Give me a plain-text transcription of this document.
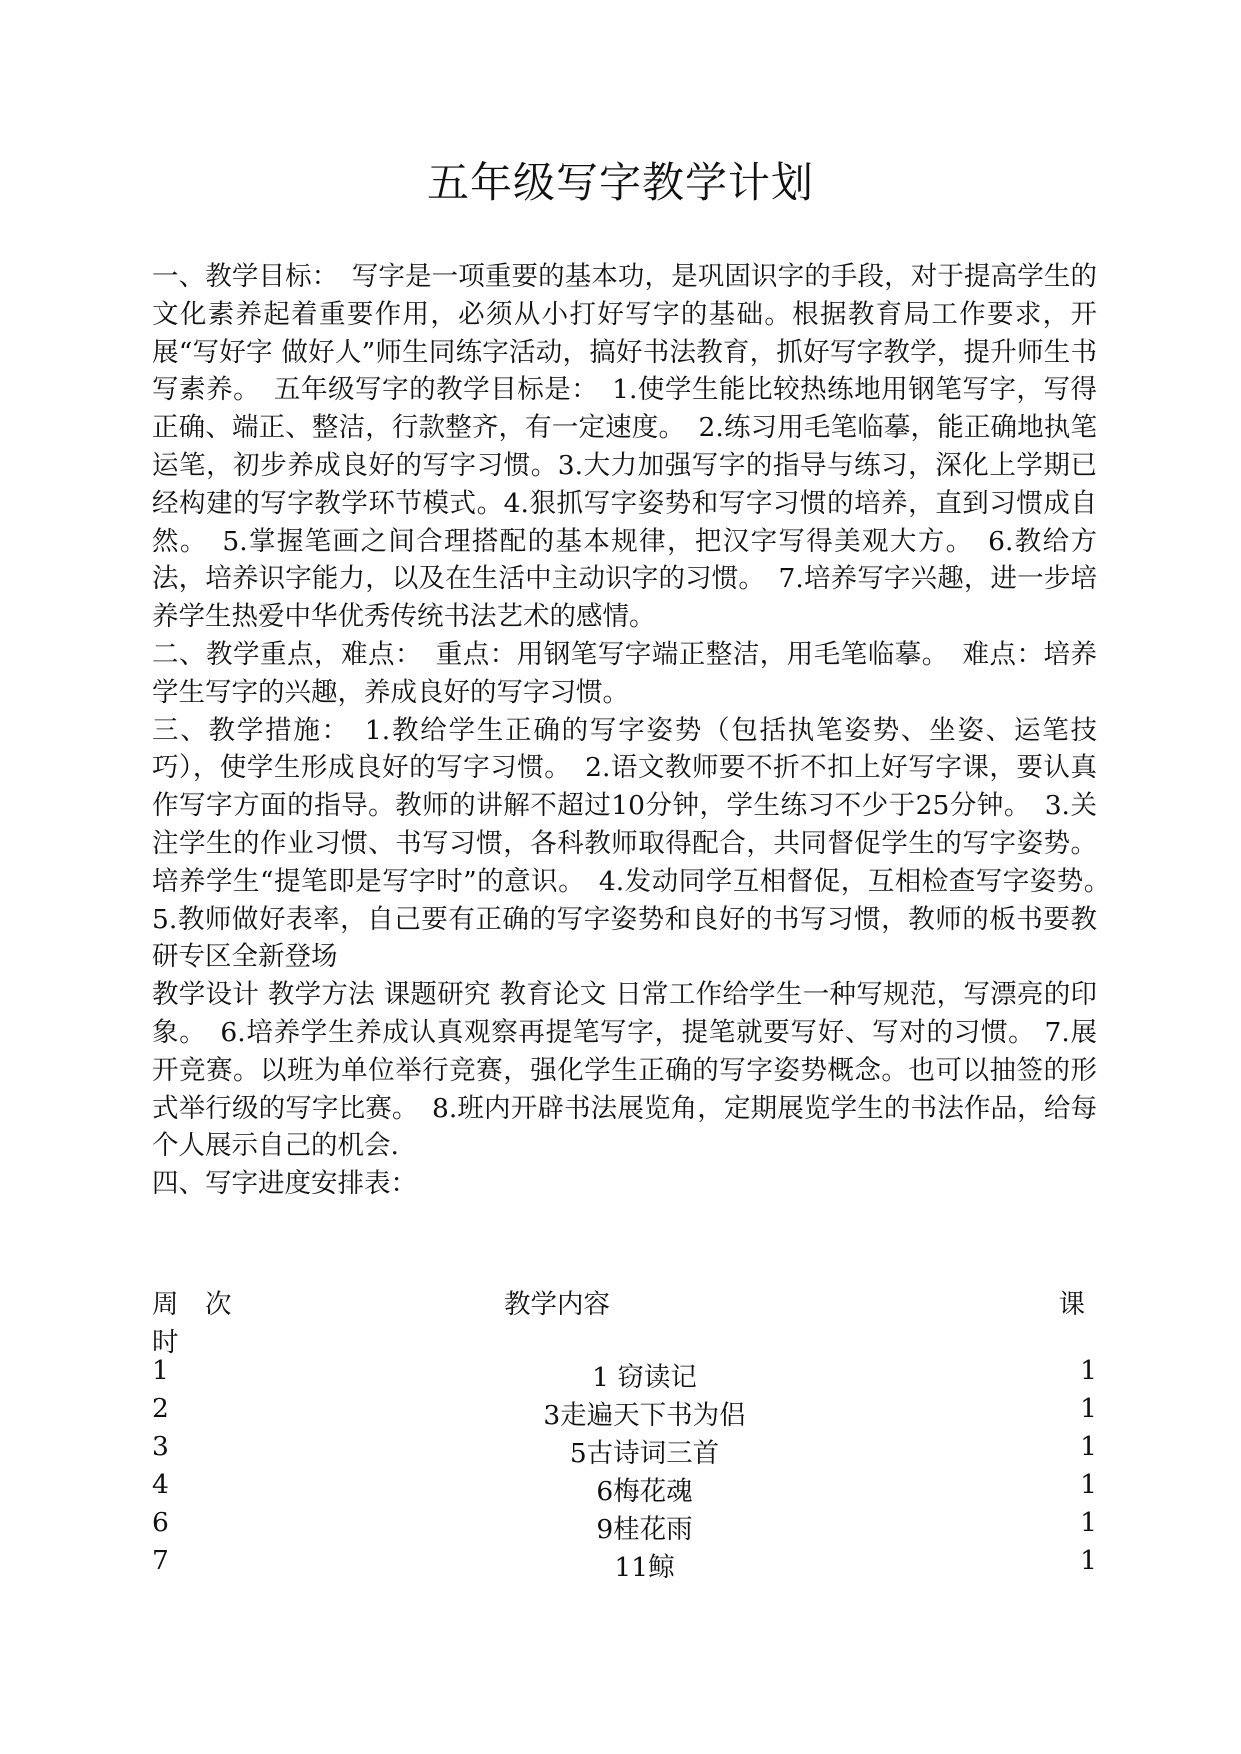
五年级写字教学计划

一、教学目标：　写字是一项重要的基本功，是巩固识字的手段，对于提高学生的文化素养起着重要作用，必须从小打好写字的基础。根据教育局工作要求，开展“写好字 做好人”师生同练字活动，搞好书法教育，抓好写字教学，提升师生书写素养。　五年级写字的教学目标是：　1.使学生能比较热练地用钢笔写字，写得正确、端正、整洁，行款整齐，有一定速度。　2.练习用毛笔临摹，能正确地执笔运笔，初步养成良好的写字习惯。3.大力加强写字的指导与练习，深化上学期已经构建的写字教学环节模式。4.狠抓写字姿势和写字习惯的培养，直到习惯成自然。　5.掌握笔画之间合理搭配的基本规律，把汉字写得美观大方。　6.教给方法，培养识字能力，以及在生活中主动识字的习惯。　7.培养写字兴趣，进一步培养学生热爱中华优秀传统书法艺术的感情。

二、教学重点，难点：　重点：用钢笔写字端正整洁，用毛笔临摹。　难点：培养学生写字的兴趣，养成良好的写字习惯。

三、教学措施：　1.教给学生正确的写字姿势（包括执笔姿势、坐姿、运笔技巧），使学生形成良好的写字习惯。　2.语文教师要不折不扣上好写字课，要认真作写字方面的指导。教师的讲解不超过10分钟，学生练习不少于25分钟。　3.关注学生的作业习惯、书写习惯，各科教师取得配合，共同督促学生的写字姿势。培养学生“提笔即是写字时”的意识。　4.发动同学互相督促，互相检查写字姿势。　5.教师做好表率，自己要有正确的写字姿势和良好的书写习惯，教师的板书要教研专区全新登场

教学设计 教学方法 课题研究 教育论文 日常工作给学生一种写规范，写漂亮的印象。　6.培养学生养成认真观察再提笔写字，提笔就要写好、写对的习惯。 7.展开竞赛。以班为单位举行竞赛，强化学生正确的写字姿势概念。也可以抽签的形式举行级的写字比赛。　8.班内开辟书法展览角，定期展览学生的书法作品，给每个人展示自己的机会.

四、写字进度安排表：

周　次	教学内容	课
时
1	1 窃读记	1
2	3走遍天下书为侣	1
3	5古诗词三首	1
4	6梅花魂	1
6	9桂花雨	1
7	11鲸	1
